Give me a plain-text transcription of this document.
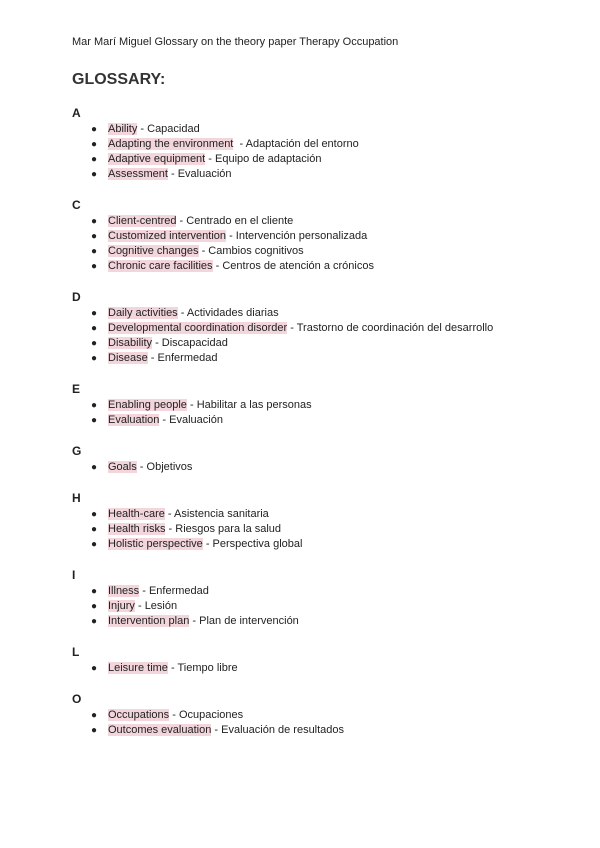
Mar Marí Miguel Glossary on the theory paper Therapy Occupation
GLOSSARY:
A
● Ability - Capacidad
● Adapting the environment  - Adaptación del entorno
● Adaptive equipment - Equipo de adaptación
● Assessment - Evaluación
C
● Client-centred - Centrado en el cliente
● Customized intervention - Intervención personalizada
● Cognitive changes - Cambios cognitivos
● Chronic care facilities - Centros de atención a crónicos
D
● Daily activities - Actividades diarias
● Developmental coordination disorder - Trastorno de coordinación del desarrollo
● Disability - Discapacidad
● Disease - Enfermedad
E
● Enabling people - Habilitar a las personas
● Evaluation - Evaluación
G
● Goals - Objetivos
H
● Health-care - Asistencia sanitaria
● Health risks - Riesgos para la salud
● Holistic perspective - Perspectiva global
I
● Illness - Enfermedad
● Injury - Lesión
● Intervention plan - Plan de intervención
L
● Leisure time - Tiempo libre
O
● Occupations - Ocupaciones
● Outcomes evaluation - Evaluación de resultados
